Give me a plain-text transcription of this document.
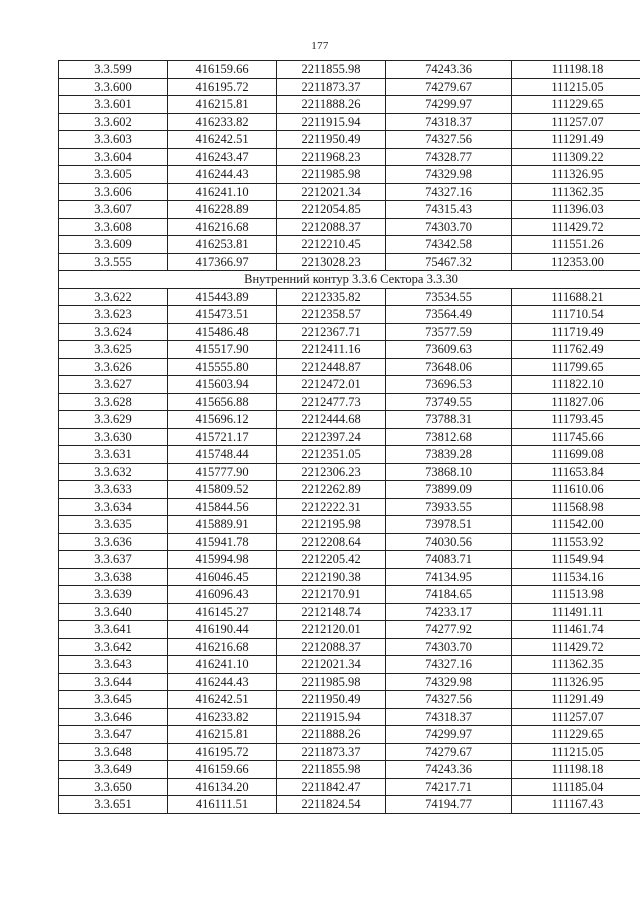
177
3.3.599	416159.66	2211855.98	74243.36	111198.18
3.3.600	416195.72	2211873.37	74279.67	111215.05
3.3.601	416215.81	2211888.26	74299.97	111229.65
3.3.602	416233.82	2211915.94	74318.37	111257.07
3.3.603	416242.51	2211950.49	74327.56	111291.49
3.3.604	416243.47	2211968.23	74328.77	111309.22
3.3.605	416244.43	2211985.98	74329.98	111326.95
3.3.606	416241.10	2212021.34	74327.16	111362.35
3.3.607	416228.89	2212054.85	74315.43	111396.03
3.3.608	416216.68	2212088.37	74303.70	111429.72
3.3.609	416253.81	2212210.45	74342.58	111551.26
3.3.555	417366.97	2213028.23	75467.32	112353.00
Внутренний контур 3.3.6 Сектора 3.3.30				
3.3.622	415443.89	2212335.82	73534.55	111688.21
3.3.623	415473.51	2212358.57	73564.49	111710.54
3.3.624	415486.48	2212367.71	73577.59	111719.49
3.3.625	415517.90	2212411.16	73609.63	111762.49
3.3.626	415555.80	2212448.87	73648.06	111799.65
3.3.627	415603.94	2212472.01	73696.53	111822.10
3.3.628	415656.88	2212477.73	73749.55	111827.06
3.3.629	415696.12	2212444.68	73788.31	111793.45
3.3.630	415721.17	2212397.24	73812.68	111745.66
3.3.631	415748.44	2212351.05	73839.28	111699.08
3.3.632	415777.90	2212306.23	73868.10	111653.84
3.3.633	415809.52	2212262.89	73899.09	111610.06
3.3.634	415844.56	2212222.31	73933.55	111568.98
3.3.635	415889.91	2212195.98	73978.51	111542.00
3.3.636	415941.78	2212208.64	74030.56	111553.92
3.3.637	415994.98	2212205.42	74083.71	111549.94
3.3.638	416046.45	2212190.38	74134.95	111534.16
3.3.639	416096.43	2212170.91	74184.65	111513.98
3.3.640	416145.27	2212148.74	74233.17	111491.11
3.3.641	416190.44	2212120.01	74277.92	111461.74
3.3.642	416216.68	2212088.37	74303.70	111429.72
3.3.643	416241.10	2212021.34	74327.16	111362.35
3.3.644	416244.43	2211985.98	74329.98	111326.95
3.3.645	416242.51	2211950.49	74327.56	111291.49
3.3.646	416233.82	2211915.94	74318.37	111257.07
3.3.647	416215.81	2211888.26	74299.97	111229.65
3.3.648	416195.72	2211873.37	74279.67	111215.05
3.3.649	416159.66	2211855.98	74243.36	111198.18
3.3.650	416134.20	2211842.47	74217.71	111185.04
3.3.651	416111.51	2211824.54	74194.77	111167.43
